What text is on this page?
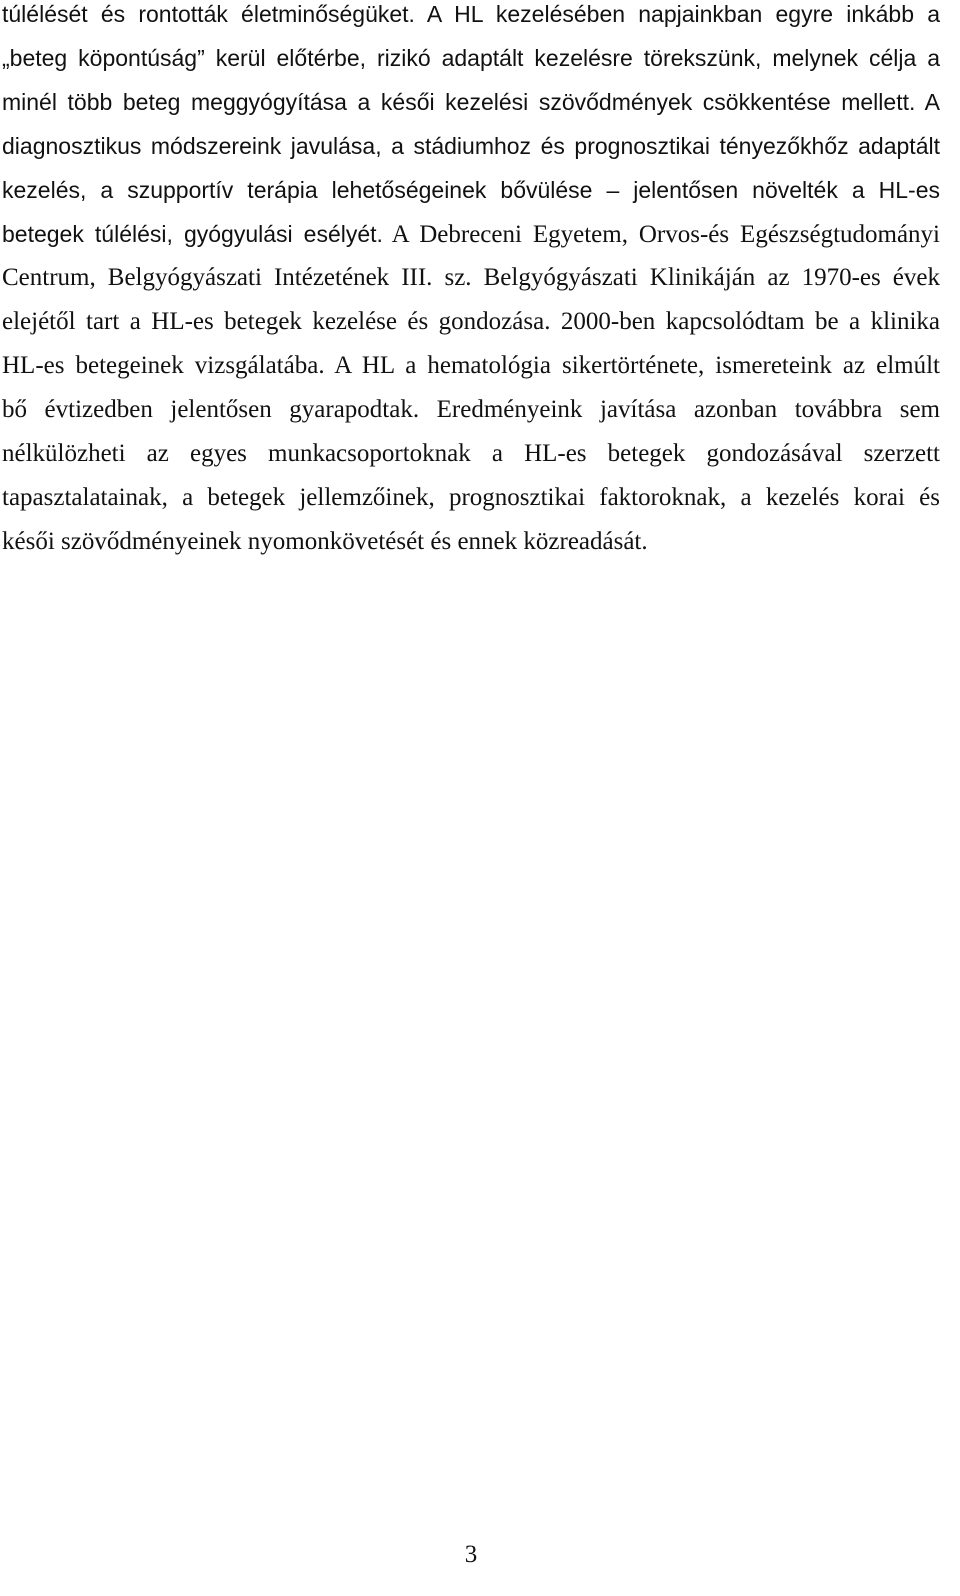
túlélését és rontották életminőségüket. A HL kezelésében napjainkban egyre inkább a
„beteg köpontúság” kerül előtérbe, rizikó adaptált kezelésre törekszünk, melynek célja a
minél több beteg meggyógyítása a késői kezelési szövődmények csökkentése mellett. A
diagnosztikus módszereink javulása, a stádiumhoz és prognosztikai tényezőkhőz adaptált
kezelés, a szupportív terápia lehetőségeinek bővülése – jelentősen növelték a HL-es
betegek túlélési, gyógyulási esélyét. A Debreceni Egyetem, Orvos-és Egészségtudományi
Centrum, Belgyógyászati Intézetének III. sz. Belgyógyászati Klinikáján az 1970-es évek
elejétől tart a HL-es betegek kezelése és gondozása. 2000-ben kapcsolódtam be a klinika
HL-es betegeinek vizsgálatába. A HL a hematológia sikertörténete, ismereteink az elmúlt
bő évtizedben jelentősen gyarapodtak. Eredményeink javítása azonban továbbra sem
nélkülözheti az egyes munkacsoportoknak a HL-es betegek gondozásával szerzett
tapasztalatainak, a betegek jellemzőinek, prognosztikai faktoroknak, a kezelés korai és
késői szövődményeinek nyomonkövetését és ennek közreadását.
3
